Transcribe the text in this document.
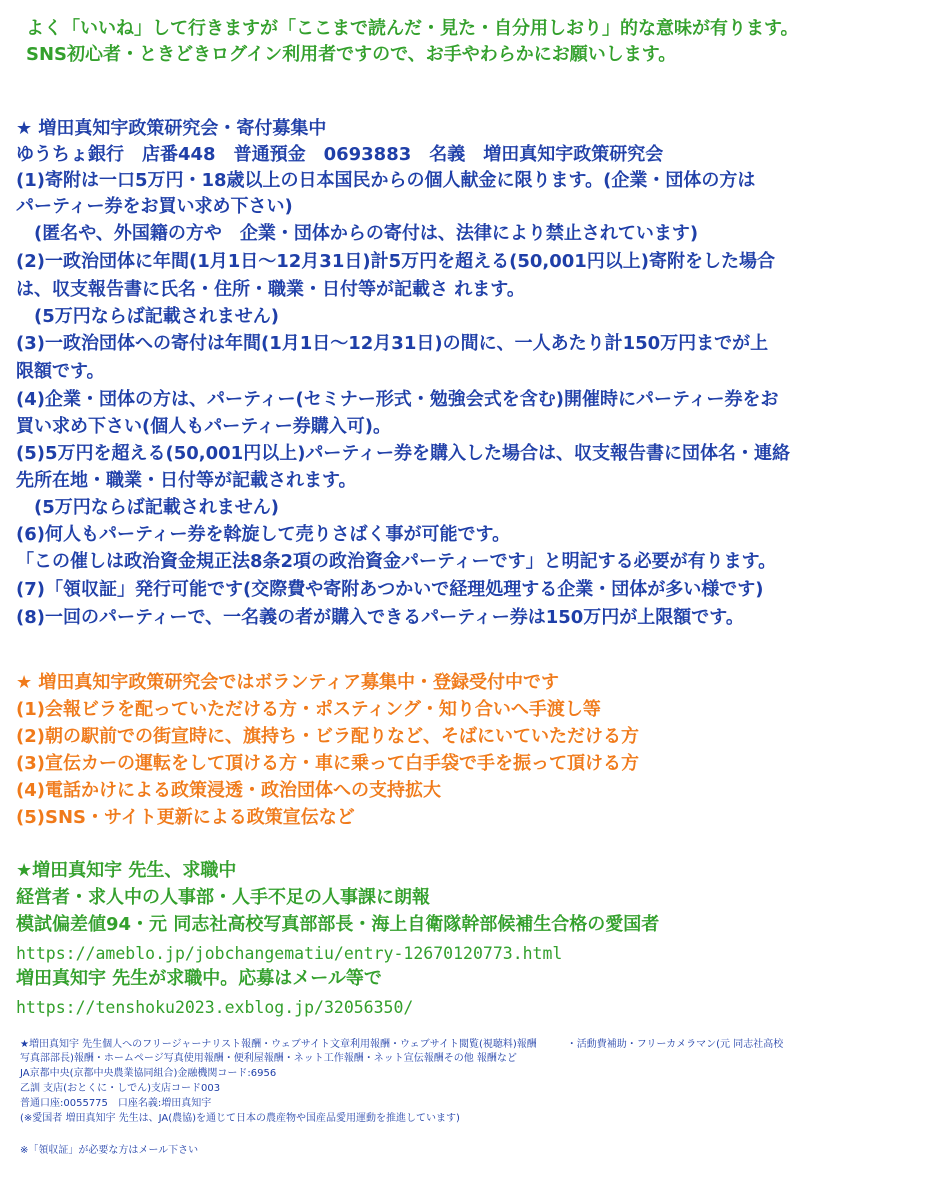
よく「いいね」して行きますが「ここまで読んだ・見た・自分用しおり」的な意味が有ります。
SNS初心者・ときどきログイン利用者ですので、お手やわらかにお願いします。
★ 増田真知宇政策研究会・寄付募集中
ゆうちょ銀行　店番448　普通預金　0693883　名義　増田真知宇政策研究会
(1)寄附は一口5万円・18歳以上の日本国民からの個人献金に限ります。(企業・団体の方は
パーティー券をお買い求め下さい)
　(匿名や、外国籍の方や　企業・団体からの寄付は、法律により禁止されています)
(2)一政治団体に年間(1月1日～12月31日)計5万円を超える(50,001円以上)寄附をした場合
は、収支報告書に氏名・住所・職業・日付等が記載さ れます。
　(5万円ならば記載されません)
(3)一政治団体への寄付は年間(1月1日～12月31日)の間に、一人あたり計150万円までが上
限額です。
(4)企業・団体の方は、パーティー(セミナー形式・勉強会式を含む)開催時にパーティー券をお
買い求め下さい(個人もパーティー券購入可)。
(5)5万円を超える(50,001円以上)パーティー券を購入した場合は、収支報告書に団体名・連絡
先所在地・職業・日付等が記載されます。
　(5万円ならば記載されません)
(6)何人もパーティー券を斡旋して売りさばく事が可能です。
「この催しは政治資金規正法8条2項の政治資金パーティーです」と明記する必要が有ります。
(7)「領収証」発行可能です(交際費や寄附あつかいで経理処理する企業・団体が多い様です)
(8)一回のパーティーで、一名義の者が購入できるパーティー券は150万円が上限額です。
★ 増田真知宇政策研究会ではボランティア募集中・登録受付中です
(1)会報ビラを配っていただける方・ポスティング・知り合いへ手渡し等
(2)朝の駅前での街宣時に、旗持ち・ビラ配りなど、そばにいていただける方
(3)宣伝カーの運転をして頂ける方・車に乗って白手袋で手を振って頂ける方
(4)電話かけによる政策浸透・政治団体への支持拡大
(5)SNS・サイト更新による政策宣伝など
★増田真知宇 先生、求職中
経営者・求人中の人事部・人手不足の人事課に朗報
模試偏差値94・元 同志社高校写真部部長・海上自衛隊幹部候補生合格の愛国者
https://ameblo.jp/jobchangematiu/entry-12670120773.html
増田真知宇 先生が求職中。応募はメール等で
https://tenshoku2023.exblog.jp/32056350/
★増田真知宇 先生個人へのフリージャーナリスト報酬・ウェブサイト文章利用報酬・ウェブサイト閲覧(視聴料)報酬　　　・活動費補助・フリーカメラマン(元 同志社高校
写真部部長)報酬・ホームページ写真使用報酬・便利屋報酬・ネット工作報酬・ネット宣伝報酬その他 報酬など
JA京都中央(京都中央農業協同組合)金融機関コード:6956
乙訓 支店(おとくに・しでん)支店コード003
普通口座:0055775　口座名義:増田真知宇
(※愛国者 増田真知宇 先生は、JA(農協)を通じて日本の農産物や国産品愛用運動を推進しています)
※「領収証」が必要な方はメール下さい
